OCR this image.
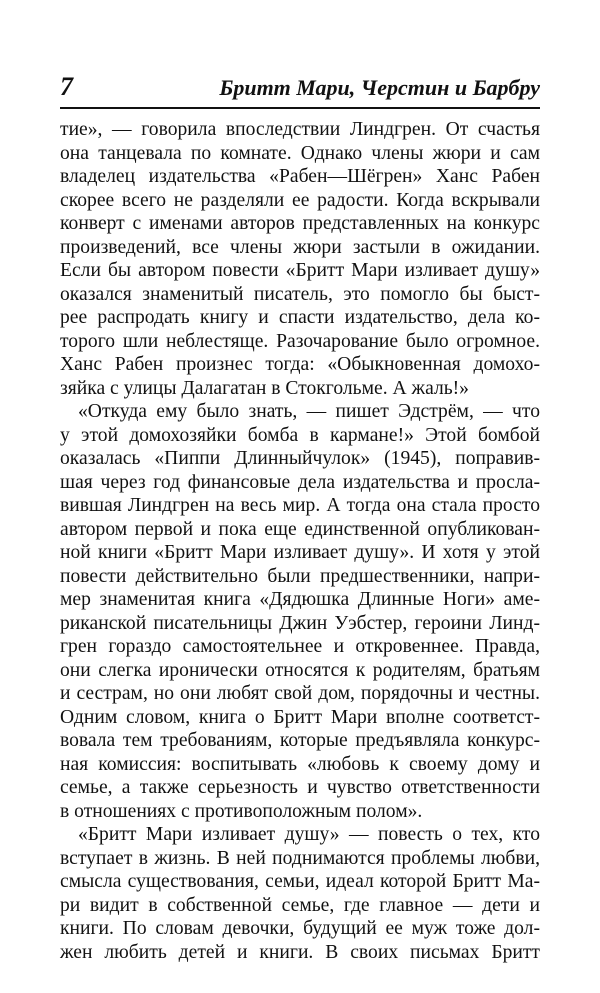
7	Бритт Мари, Черстин и Барбру
тие», — говорила впоследствии Линдгрен. От счастья
она танцевала по комнате. Однако члены жюри и сам
владелец издательства «Рабен—Шёгрен» Ханс Рабен
скорее всего не разделяли ее радости. Когда вскрывали
конверт с именами авторов представленных на конкурс
произведений, все члены жюри застыли в ожидании.
Если бы автором повести «Бритт Мари изливает душу»
оказался знаменитый писатель, это помогло бы быст-
рее распродать книгу и спасти издательство, дела ко-
торого шли неблестяще. Разочарование было огромное.
Ханс Рабен произнес тогда: «Обыкновенная домохо-
зяйка с улицы Далагатан в Стокгольме. А жаль!»
«Откуда ему было знать, — пишет Эдстрём, — что
у этой домохозяйки бомба в кармане!» Этой бомбой
оказалась «Пиппи Длинныйчулок» (1945), поправив-
шая через год финансовые дела издательства и просла-
вившая Линдгрен на весь мир. А тогда она стала просто
автором первой и пока еще единственной опубликован-
ной книги «Бритт Мари изливает душу». И хотя у этой
повести действительно были предшественники, напри-
мер знаменитая книга «Дядюшка Длинные Ноги» аме-
риканской писательницы Джин Уэбстер, героини Линд-
грен гораздо самостоятельнее и откровеннее. Правда,
они слегка иронически относятся к родителям, братьям
и сестрам, но они любят свой дом, порядочны и честны.
Одним словом, книга о Бритт Мари вполне соответст-
вовала тем требованиям, которые предъявляла конкурс-
ная комиссия: воспитывать «любовь к своему дому и
семье, а также серьезность и чувство ответственности
в отношениях с противоположным полом».
«Бритт Мари изливает душу» — повесть о тех, кто
вступает в жизнь. В ней поднимаются проблемы любви,
смысла существования, семьи, идеал которой Бритт Ма-
ри видит в собственной семье, где главное — дети и
книги. По словам девочки, будущий ее муж тоже дол-
жен любить детей и книги. В своих письмах Бритт
